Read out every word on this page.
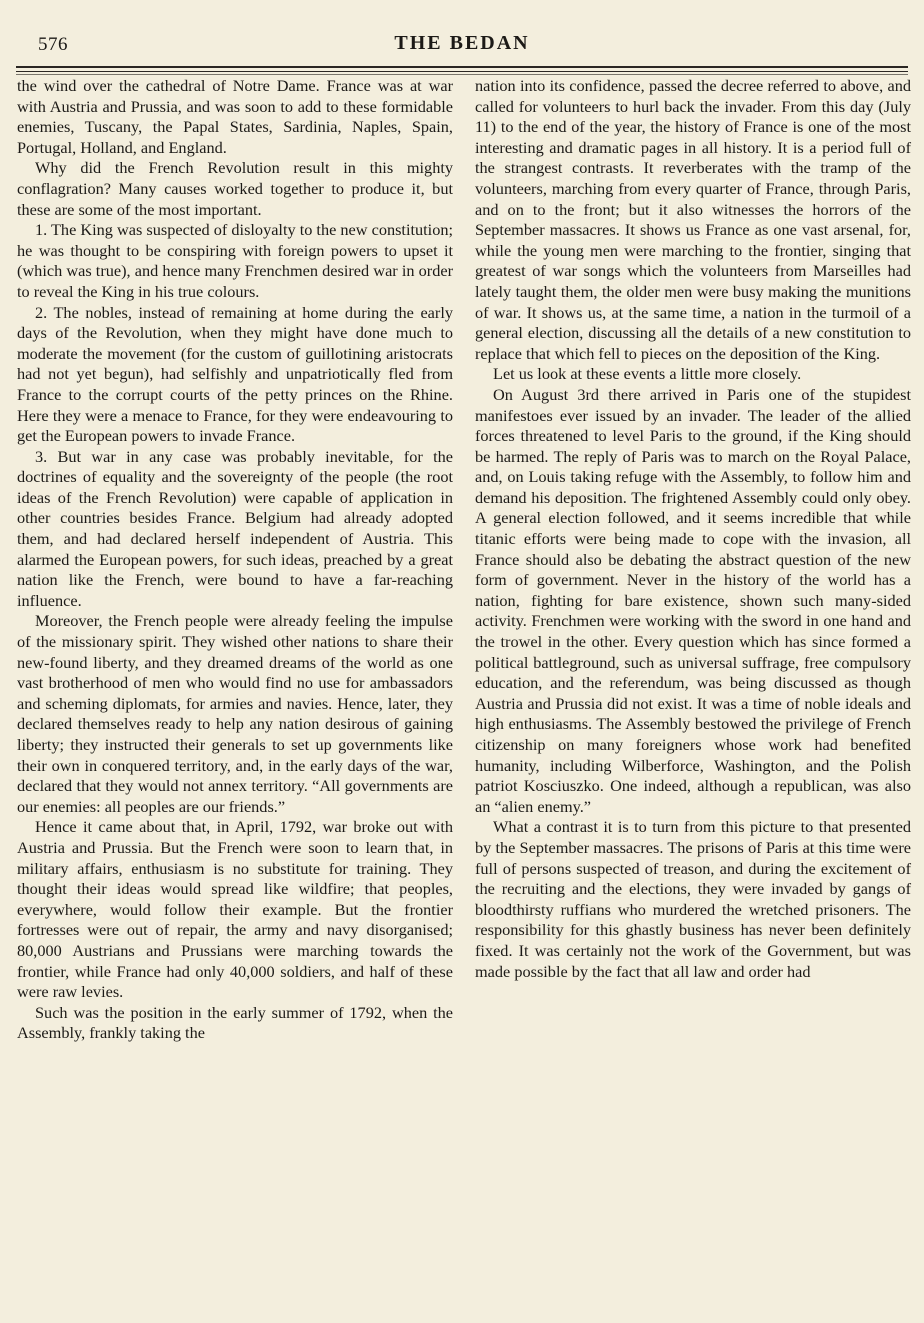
576	THE BEDAN

the wind over the cathedral of Notre Dame. France was at war with Austria and Prussia, and was soon to add to these formidable enemies, Tuscany, the Papal States, Sardinia, Naples, Spain, Portugal, Holland, and England.

Why did the French Revolution result in this mighty conflagration? Many causes worked together to produce it, but these are some of the most important.

1. The King was suspected of disloyalty to the new constitution; he was thought to be conspiring with foreign powers to upset it (which was true), and hence many Frenchmen desired war in order to reveal the King in his true colours.

2. The nobles, instead of remaining at home during the early days of the Revolution, when they might have done much to moderate the movement (for the custom of guillotining aristocrats had not yet begun), had selfishly and unpatriotically fled from France to the corrupt courts of the petty princes on the Rhine. Here they were a menace to France, for they were endeavouring to get the European powers to invade France.

3. But war in any case was probably inevitable, for the doctrines of equality and the sovereignty of the people (the root ideas of the French Revolution) were capable of application in other countries besides France. Belgium had already adopted them, and had declared herself independent of Austria. This alarmed the European powers, for such ideas, preached by a great nation like the French, were bound to have a far-reaching influence.

Moreover, the French people were already feeling the impulse of the missionary spirit. They wished other nations to share their new-found liberty, and they dreamed dreams of the world as one vast brotherhood of men who would find no use for ambassadors and scheming diplomats, for armies and navies. Hence, later, they declared themselves ready to help any nation desirous of gaining liberty; they instructed their generals to set up governments like their own in conquered territory, and, in the early days of the war, declared that they would not annex territory. “All governments are our enemies: all peoples are our friends.”

Hence it came about that, in April, 1792, war broke out with Austria and Prussia. But the French were soon to learn that, in military affairs, enthusiasm is no substitute for training. They thought their ideas would spread like wildfire; that peoples, everywhere, would follow their example. But the frontier fortresses were out of repair, the army and navy disorganised; 80,000 Austrians and Prussians were marching towards the frontier, while France had only 40,000 soldiers, and half of these were raw levies.

Such was the position in the early summer of 1792, when the Assembly, frankly taking the

nation into its confidence, passed the decree referred to above, and called for volunteers to hurl back the invader. From this day (July 11) to the end of the year, the history of France is one of the most interesting and dramatic pages in all history. It is a period full of the strangest contrasts. It reverberates with the tramp of the volunteers, marching from every quarter of France, through Paris, and on to the front; but it also witnesses the horrors of the September massacres. It shows us France as one vast arsenal, for, while the young men were marching to the frontier, singing that greatest of war songs which the volunteers from Marseilles had lately taught them, the older men were busy making the munitions of war. It shows us, at the same time, a nation in the turmoil of a general election, discussing all the details of a new constitution to replace that which fell to pieces on the deposition of the King.

Let us look at these events a little more closely.

On August 3rd there arrived in Paris one of the stupidest manifestoes ever issued by an invader. The leader of the allied forces threatened to level Paris to the ground, if the King should be harmed. The reply of Paris was to march on the Royal Palace, and, on Louis taking refuge with the Assembly, to follow him and demand his deposition. The frightened Assembly could only obey. A general election followed, and it seems incredible that while titanic efforts were being made to cope with the invasion, all France should also be debating the abstract question of the new form of government. Never in the history of the world has a nation, fighting for bare existence, shown such many-sided activity. Frenchmen were working with the sword in one hand and the trowel in the other. Every question which has since formed a political battleground, such as universal suffrage, free compulsory education, and the referendum, was being discussed as though Austria and Prussia did not exist. It was a time of noble ideals and high enthusiasms. The Assembly bestowed the privilege of French citizenship on many foreigners whose work had benefited humanity, including Wilberforce, Washington, and the Polish patriot Kosciuszko. One indeed, although a republican, was also an “alien enemy.”

What a contrast it is to turn from this picture to that presented by the September massacres. The prisons of Paris at this time were full of persons suspected of treason, and during the excitement of the recruiting and the elections, they were invaded by gangs of bloodthirsty ruffians who murdered the wretched prisoners. The responsibility for this ghastly business has never been definitely fixed. It was certainly not the work of the Government, but was made possible by the fact that all law and order had
